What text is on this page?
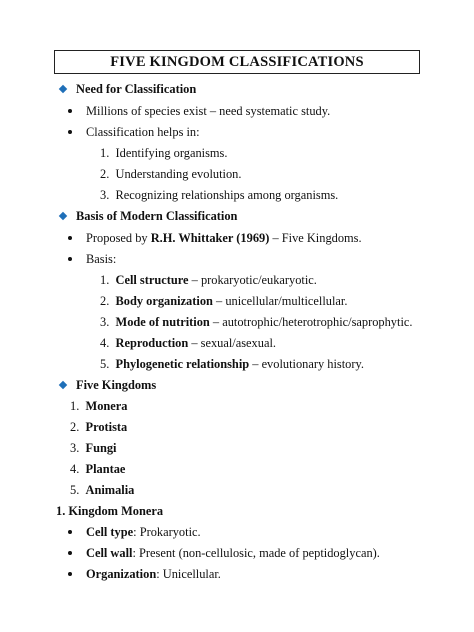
FIVE KINGDOM CLASSIFICATIONS
Need for Classification
Millions of species exist – need systematic study.
Classification helps in:
1. Identifying organisms.
2. Understanding evolution.
3. Recognizing relationships among organisms.
Basis of Modern Classification
Proposed by R.H. Whittaker (1969) – Five Kingdoms.
Basis:
1. Cell structure – prokaryotic/eukaryotic.
2. Body organization – unicellular/multicellular.
3. Mode of nutrition – autotrophic/heterotrophic/saprophytic.
4. Reproduction – sexual/asexual.
5. Phylogenetic relationship – evolutionary history.
Five Kingdoms
1. Monera
2. Protista
3. Fungi
4. Plantae
5. Animalia
1. Kingdom Monera
Cell type: Prokaryotic.
Cell wall: Present (non-cellulosic, made of peptidoglycan).
Organization: Unicellular.
